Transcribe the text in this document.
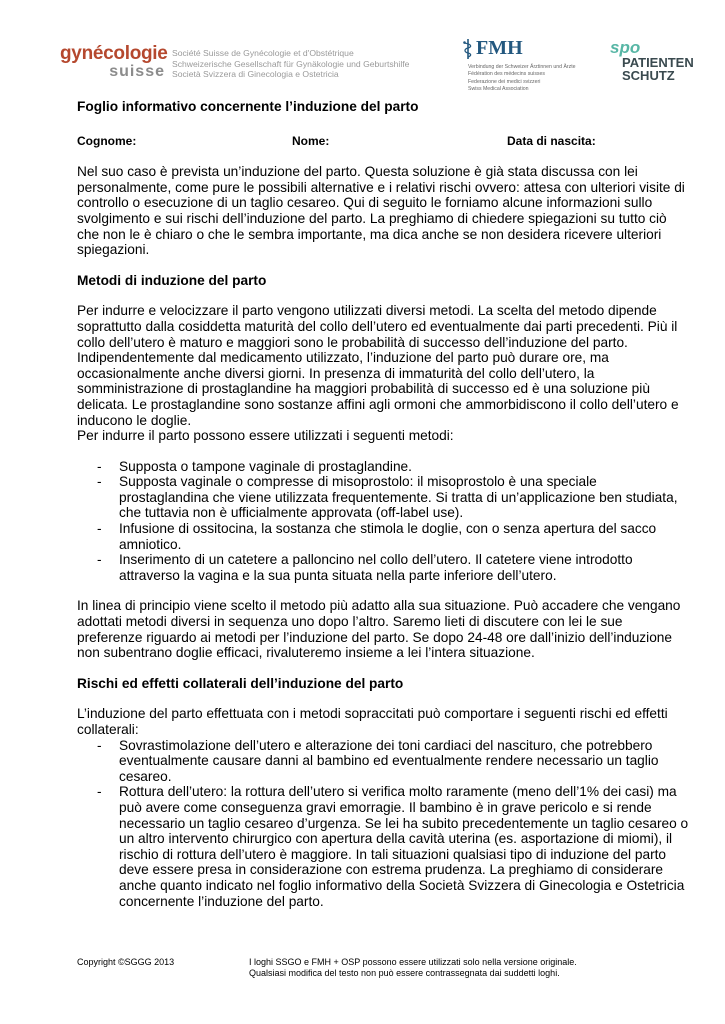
gynécologie
suisse
Société Suisse de Gynécologie et d'Obstétrique
Schweizerische Gesellschaft für Gynäkologie und Geburtshilfe
Società Svizzera di Ginecologia e Ostetricia
FMH
Verbindung der Schweizer Ärztinnen und Ärzte
Fédération des médecins suisses
Federazione dei medici svizzeri
Swiss Medical Association
spo
PATIENTEN
SCHUTZ
Foglio informativo concernente l’induzione del parto
Cognome:	Nome:	Data di nascita:

Nel suo caso è prevista un’induzione del parto. Questa soluzione è già stata discussa con lei personalmente, come pure le possibili alternative e i relativi rischi ovvero: attesa con ulteriori visite di controllo o esecuzione di un taglio cesareo. Qui di seguito le forniamo alcune informazioni sullo svolgimento e sui rischi dell’induzione del parto. La preghiamo di chiedere spiegazioni su tutto ciò che non le è chiaro o che le sembra importante, ma dica anche se non desidera ricevere ulteriori spiegazioni.

Metodi di induzione del parto

Per indurre e velocizzare il parto vengono utilizzati diversi metodi. La scelta del metodo dipende soprattutto dalla cosiddetta maturità del collo dell’utero ed eventualmente dai parti precedenti. Più il collo dell’utero è maturo e maggiori sono le probabilità di successo dell’induzione del parto. Indipendentemente dal medicamento utilizzato, l’induzione del parto può durare ore, ma occasionalmente anche diversi giorni. In presenza di immaturità del collo dell’utero, la somministrazione di prostaglandine ha maggiori probabilità di successo ed è una soluzione più delicata. Le prostaglandine sono sostanze affini agli ormoni che ammorbidiscono il collo dell’utero e inducono le doglie.

Per indurre il parto possono essere utilizzati i seguenti metodi:

- Supposta o tampone vaginale di prostaglandine.
- Supposta vaginale o compresse di misoprostolo: il misoprostolo è una speciale prostaglandina che viene utilizzata frequentemente. Si tratta di un’applicazione ben studiata, che tuttavia non è ufficialmente approvata (off-label use).
- Infusione di ossitocina, la sostanza che stimola le doglie, con o senza apertura del sacco amniotico.
- Inserimento di un catetere a palloncino nel collo dell’utero. Il catetere viene introdotto attraverso la vagina e la sua punta situata nella parte inferiore dell’utero.

In linea di principio viene scelto il metodo più adatto alla sua situazione. Può accadere che vengano adottati metodi diversi in sequenza uno dopo l’altro. Saremo lieti di discutere con lei le sue preferenze riguardo ai metodi per l’induzione del parto. Se dopo 24-48 ore dall’inizio dell’induzione non subentrano doglie efficaci, rivaluteremo insieme a lei l’intera situazione.

Rischi ed effetti collaterali dell’induzione del parto

L’induzione del parto effettuata con i metodi sopraccitati può comportare i seguenti rischi ed effetti collaterali:

- Sovrastimolazione dell’utero e alterazione dei toni cardiaci del nascituro, che potrebbero eventualmente causare danni al bambino ed eventualmente rendere necessario un taglio cesareo.
- Rottura dell’utero: la rottura dell’utero si verifica molto raramente (meno dell’1% dei casi) ma può avere come conseguenza gravi emorragie. Il bambino è in grave pericolo e si rende necessario un taglio cesareo d’urgenza. Se lei ha subito precedentemente un taglio cesareo o un altro intervento chirurgico con apertura della cavità uterina (es. asportazione di miomi), il rischio di rottura dell’utero è maggiore. In tali situazioni qualsiasi tipo di induzione del parto deve essere presa in considerazione con estrema prudenza. La preghiamo di considerare anche quanto indicato nel foglio informativo della Società Svizzera di Ginecologia e Ostetricia concernente l’induzione del parto.
Copyright ©SGGG 2013	I loghi SSGO e FMH + OSP possono essere utilizzati solo nella versione originale.
Qualsiasi modifica del testo non può essere contrassegnata dai suddetti loghi.
